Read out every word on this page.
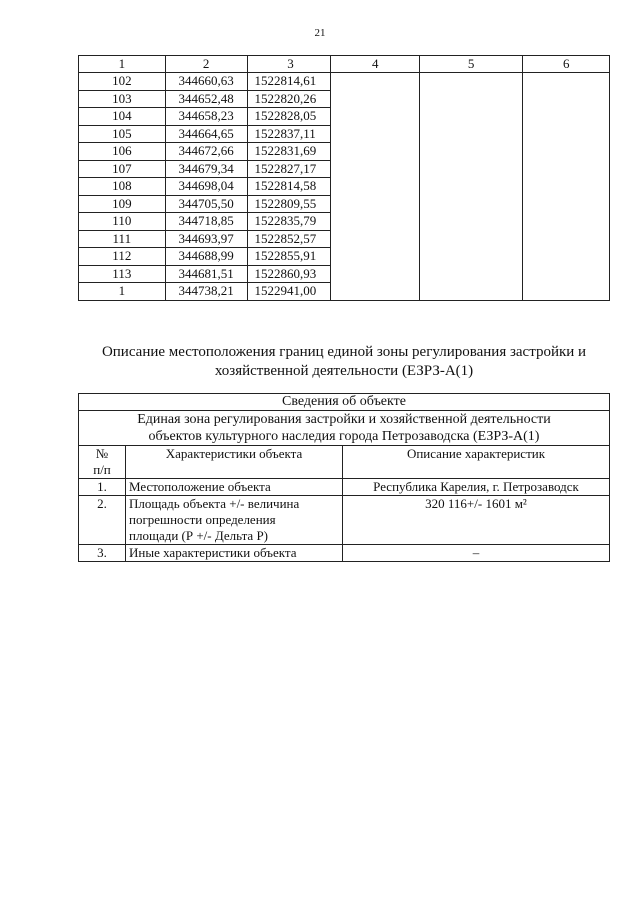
21
1	2	3	4	5	6
102	344660,63	1522814,61			
103	344652,48	1522820,26			
104	344658,23	1522828,05			
105	344664,65	1522837,11			
106	344672,66	1522831,69			
107	344679,34	1522827,17			
108	344698,04	1522814,58			
109	344705,50	1522809,55			
110	344718,85	1522835,79			
111	344693,97	1522852,57			
112	344688,99	1522855,91			
113	344681,51	1522860,93			
1	344738,21	1522941,00			
Описание местоположения границ единой зоны регулирования застройки и
хозяйственной деятельности (ЕЗРЗ-А(1)
Сведения об объекте		

Единая зона регулирования застройки и хозяйственной деятельности
объектов культурного наследия города Петрозаводска (ЕЗРЗ-А(1)		

№
п/п	Характеристики объекта	Описание характеристик
1.	Местоположение объекта	Республика Карелия, г. Петрозаводск
2.	Площадь объекта +/- величина
погрешности определения
площади (Р +/- Дельта Р)	320 116+/- 1601 м²
3.	Иные характеристики объекта	–
